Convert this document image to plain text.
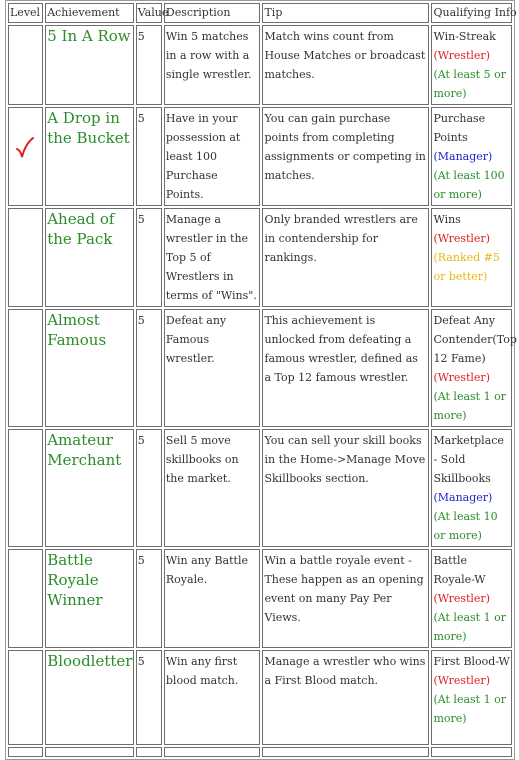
Level	Achievement	Value	Description	Tip	Qualifying Info
	5 In A Row	5	Win 5 matches in a row with a single wrestler.	Match wins count from House Matches or broadcast matches.	Win-Streak
(Wrestler)
(At least 5 or more)

	A Drop in the Bucket	5	Have in your possession at least 100 Purchase Points.	You can gain purchase points from completing assignments or competing in matches.	Purchase Points
(Manager)
(At least 100 or more)

	Ahead of the Pack	5	Manage a wrestler in the Top 5 of Wrestlers in terms of "Wins".	Only branded wrestlers are in contendership for rankings.	Wins
(Wrestler)
(Ranked #5 or better)

	Almost Famous	5	Defeat any Famous wrestler.	This achievement is unlocked from defeating a famous wrestler, defined as a Top 12 famous wrestler.	Defeat Any Contender(Top 12 Fame)
(Wrestler)
(At least 1 or more)

	Amateur Merchant	5	Sell 5 move skillbooks on the market.	You can sell your skill books in the Home->Manage Move Skillbooks section.	Marketplace - Sold Skillbooks
(Manager)
(At least 10 or more)

	Battle Royale Winner	5	Win any Battle Royale.	Win a battle royale event - These happen as an opening event on many Pay Per Views.	Battle Royale-W
(Wrestler)
(At least 1 or more)

	Bloodletter	5	Win any first blood match.	Manage a wrestler who wins a First Blood match.	First Blood-W
(Wrestler)
(At least 1 or more)
